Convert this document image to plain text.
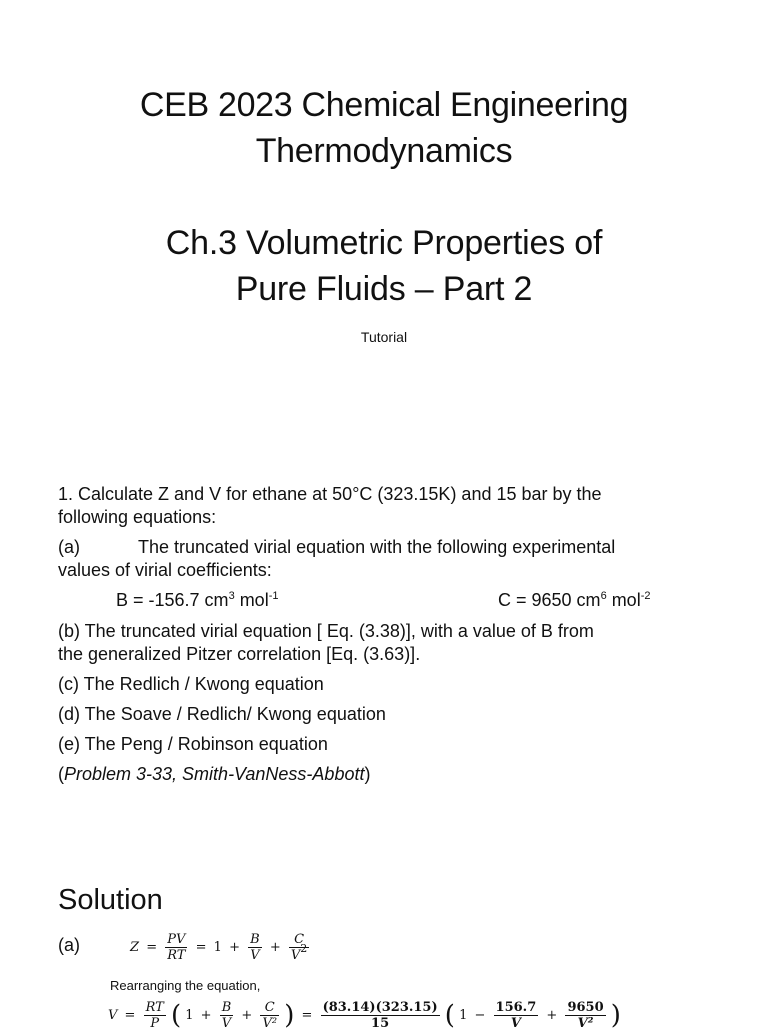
CEB 2023 Chemical Engineering
Thermodynamics
Ch.3 Volumetric Properties of
Pure Fluids – Part 2
Tutorial
1. Calculate Z and V for ethane at 50°C (323.15K) and 15 bar by the
following equations:
(a)	The truncated virial equation with the following experimental
values of virial coefficients:
B = -156.7 $cm^3$ mol$^{-1}$	C = 9650 $cm^6$ mol$^{-2}$
(b) The truncated virial equation [ Eq. (3.38)], with a value of B from
the generalized Pitzer correlation [Eq. (3.63)].
(c) The Redlich / Kwong equation
(d) The Soave / Redlich/ Kwong equation
(e) The Peng / Robinson equation
(Problem 3-33, Smith-VanNess-Abbott)
Solution
(a)	$Z = \frac{PV}{RT} = 1 + \frac{B}{V} + \frac{C}{V^2}$
Rearranging the equation,
$V = \frac{RT}{P}$ ( $1 + \frac{B}{V} + \frac{C}{\text{V²}}$ ) = $\frac{(83.14)(323.15)}{15}$ ( $1 - \frac{156.7}{V} + \frac{9650}{\text{V²}}$ )
